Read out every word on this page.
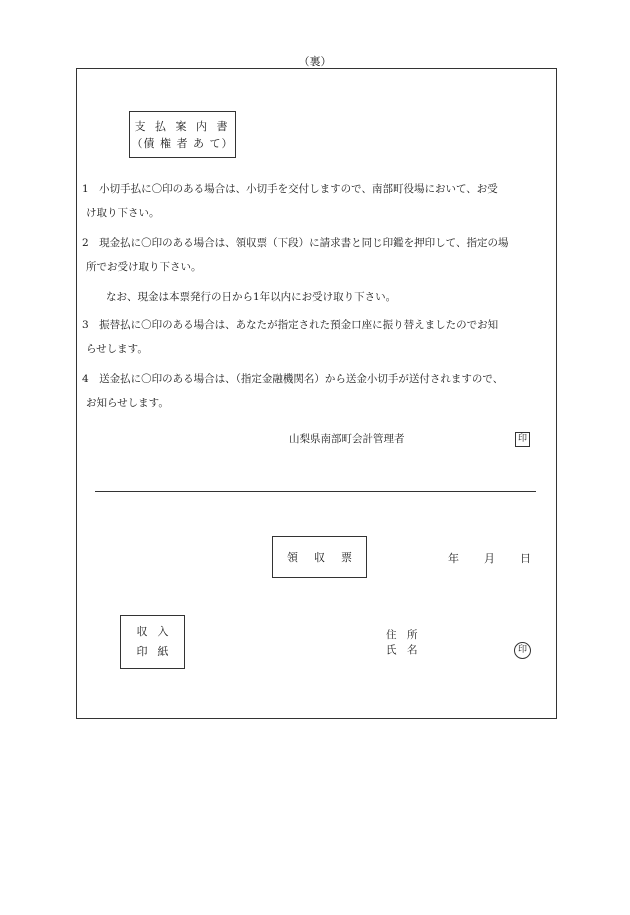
（裏）
支 払 案 内 書
（債 権 者 あ て）
1　小切手払に〇印のある場合は、小切手を交付しますので、南部町役場において、お受
け取り下さい。
2　現金払に〇印のある場合は、領収票（下段）に請求書と同じ印鑑を押印して、指定の場
所でお受け取り下さい。
なお、現金は本票発行の日から1年以内にお受け取り下さい。
3　振替払に〇印のある場合は、あなたが指定された預金口座に振り替えましたのでお知
らせします。
4　送金払に〇印のある場合は、（指定金融機関名）から送金小切手が送付されますので、
お知らせします。
山梨県南部町会計管理者	印
領 収 票	年 月 日
収入
印紙
住　所
氏　名	印
